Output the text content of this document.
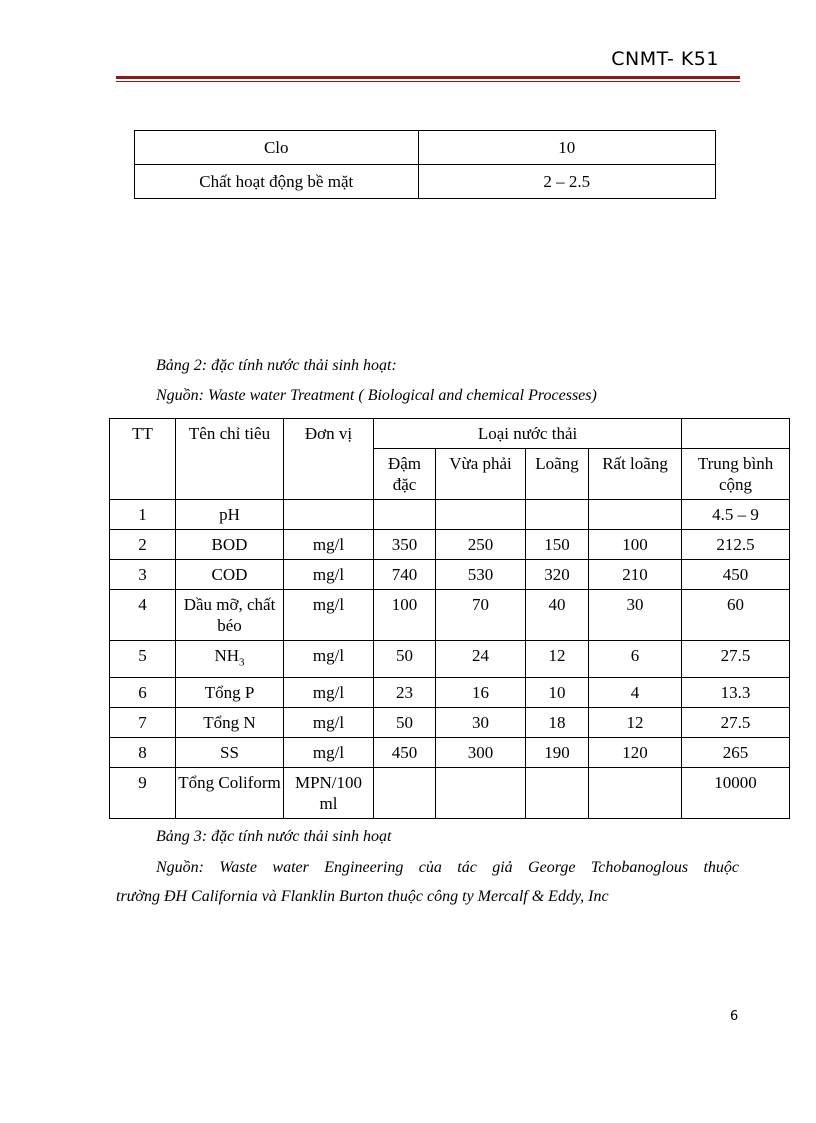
CNMT- K51
Clo	10
Chất hoạt động bề mặt	2 – 2.5
Bảng 2: đặc tính nước thải sinh hoạt:
Nguồn: Waste water Treatment ( Biological and chemical Processes)
TT	Tên chỉ tiêu	Đơn vị	Loại nước thải				
			Đậm đặc	Vừa phải	Loãng	Rất loãng	Trung bình cộng
1	pH						4.5 – 9
2	BOD	mg/l	350	250	150	100	212.5
3	COD	mg/l	740	530	320	210	450
4	Dầu mỡ, chất béo	mg/l	100	70	40	30	60
5	$NH_3$	mg/l	50	24	12	6	27.5
6	Tổng P	mg/l	23	16	10	4	13.3
7	Tổng N	mg/l	50	30	18	12	27.5
8	SS	mg/l	450	300	190	120	265
9	Tổng Coliform	MPN/100 ml					10000
Bảng 3: đặc tính nước thải sinh hoạt
Nguồn: Waste water Engineering của tác giả George Tchobanoglous thuộc
trường ĐH California và Flanklin Burton thuộc công ty Mercalf & Eddy, Inc
6
